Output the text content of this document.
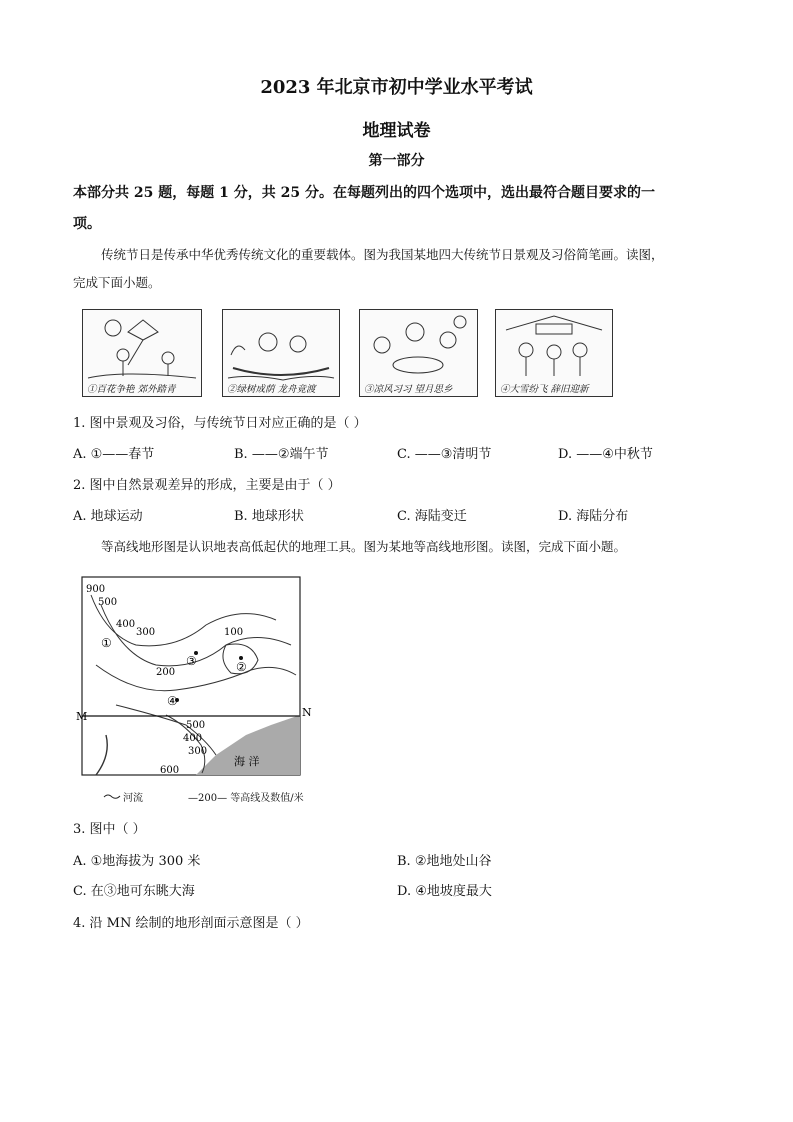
2023 年北京市初中学业水平考试
地理试卷
第一部分
本部分共 25 题，每题 1 分，共 25 分。在每题列出的四个选项中，选出最符合题目要求的一
项。
传统节日是传承中华优秀传统文化的重要载体。图为我国某地四大传统节日景观及习俗简笔画。读图，
完成下面小题。
①百花争艳 郊外踏青	②绿树成荫 龙舟竞渡	③凉风习习 望月思乡	④大雪纷飞 辞旧迎新
1. 图中景观及习俗，与传统节日对应正确的是（ ）
A. ①——春节	B. ——②端午节	C. ——③清明节	D. ——④中秋节
2. 图中自然景观差异的形成，主要是由于（ ）
A. 地球运动	B. 地球形状	C. 海陆变迁	D. 海陆分布
等高线地形图是认识地表高低起伏的地理工具。图为某地等高线地形图。读图，完成下面小题。
900
500
400
300
200
100
500
400
300
600
①
②
③
④
M	N
海 洋
河流	—200— 等高线及数值/米
3. 图中（ ）
A. ①地海拔为 300 米	B. ②地地处山谷
C. 在③地可东眺大海	D. ④地坡度最大
4. 沿 MN 绘制的地形剖面示意图是（ ）
